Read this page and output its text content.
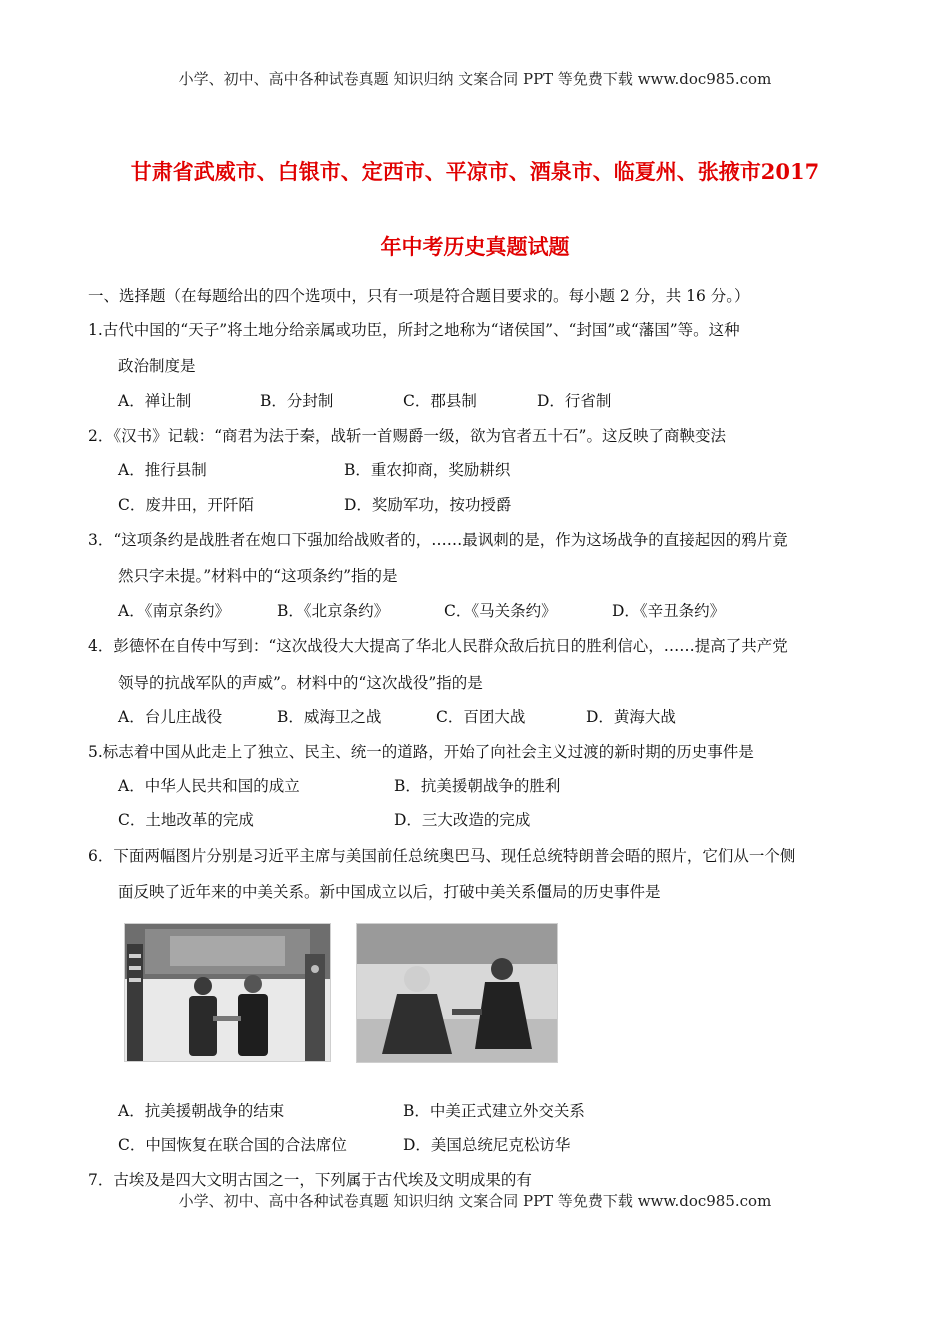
小学、初中、高中各种试卷真题 知识归纳 文案合同 PPT 等免费下载 www.doc985.com
甘肃省武威市、白银市、定西市、平凉市、酒泉市、临夏州、张掖市2017
年中考历史真题试题
一、选择题（在每题给出的四个选项中，只有一项是符合题目要求的。每小题 2 分，共 16 分。）
1.古代中国的“天子”将土地分给亲属或功臣，所封之地称为“诸侯国”、“封国”或“藩国”等。这种
政治制度是
A．禅让制	B．分封制	C．郡县制	D．行省制
2．《汉书》记载：“商君为法于秦，战斩一首赐爵一级，欲为官者五十石”。这反映了商鞅变法
A．推行县制	B．重农抑商，奖励耕织
C．废井田，开阡陌	D．奖励军功，按功授爵
3．“这项条约是战胜者在炮口下强加给战败者的，……最讽刺的是，作为这场战争的直接起因的鸦片竟
然只字未提。”材料中的“这项条约”指的是
A．《南京条约》	B．《北京条约》	C．《马关条约》	D．《辛丑条约》
4．彭德怀在自传中写到：“这次战役大大提高了华北人民群众敌后抗日的胜利信心，……提高了共产党
领导的抗战军队的声威”。材料中的“这次战役”指的是
A．台儿庄战役	B．威海卫之战	C．百团大战	D．黄海大战
5.标志着中国从此走上了独立、民主、统一的道路，开始了向社会主义过渡的新时期的历史事件是
A．中华人民共和国的成立	B．抗美援朝战争的胜利
C．土地改革的完成	D．三大改造的完成
6．下面两幅图片分别是习近平主席与美国前任总统奥巴马、现任总统特朗普会晤的照片，它们从一个侧
面反映了近年来的中美关系。新中国成立以后，打破中美关系僵局的历史事件是
A．抗美援朝战争的结束	B．中美正式建立外交关系
C．中国恢复在联合国的合法席位	D．美国总统尼克松访华
7．古埃及是四大文明古国之一，下列属于古代埃及文明成果的有
小学、初中、高中各种试卷真题 知识归纳 文案合同 PPT 等免费下载 www.doc985.com
